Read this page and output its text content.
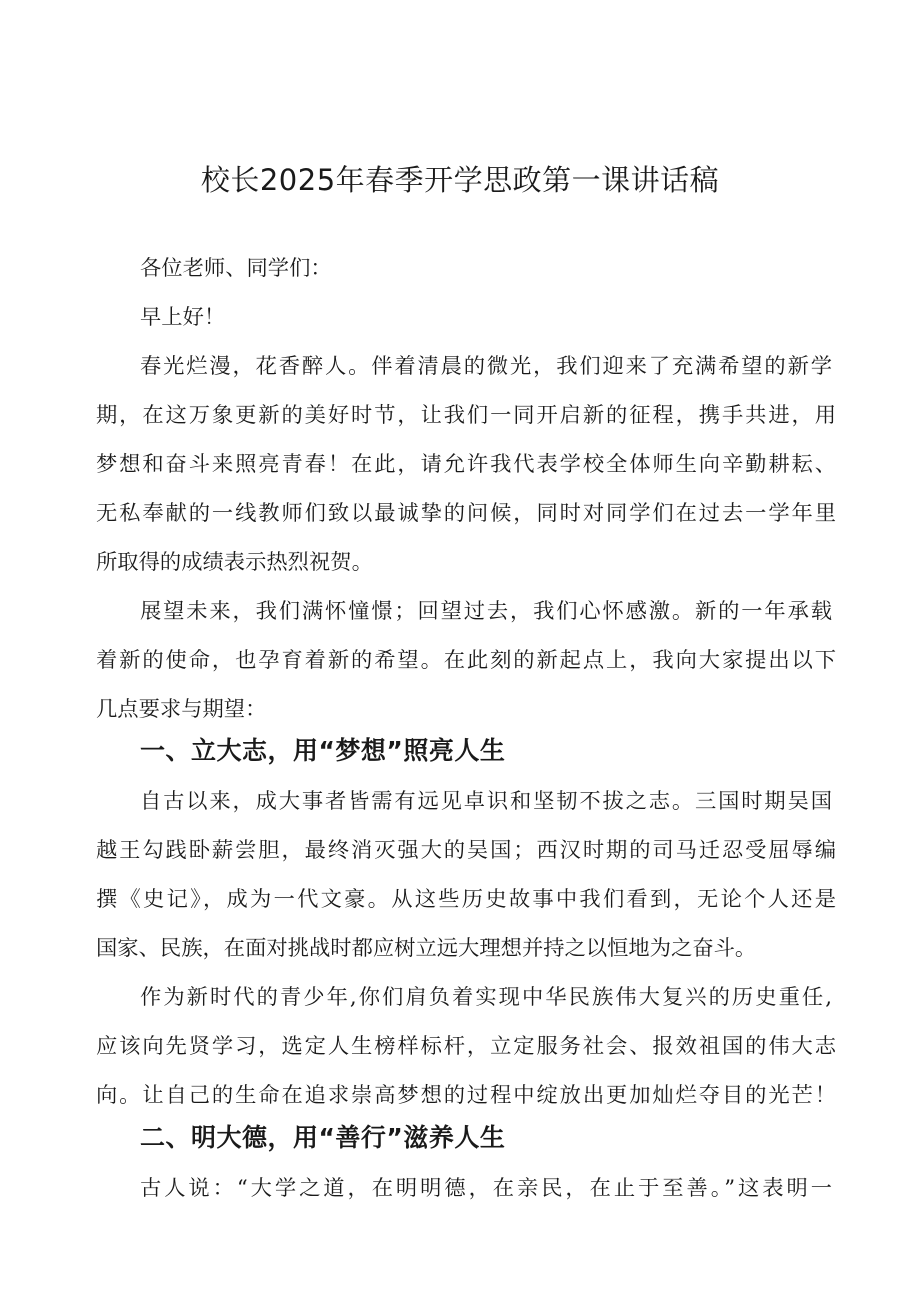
校长2025年春季开学思政第一课讲话稿

各位老师、同学们：

早上好！

春光烂漫，花香醉人。伴着清晨的微光，我们迎来了充满希望的新学

期，在这万象更新的美好时节，让我们一同开启新的征程，携手共进，用

梦想和奋斗来照亮青春！在此，请允许我代表学校全体师生向辛勤耕耘、

无私奉献的一线教师们致以最诚挚的问候，同时对同学们在过去一学年里

所取得的成绩表示热烈祝贺。

展望未来，我们满怀憧憬；回望过去，我们心怀感激。新的一年承载

着新的使命，也孕育着新的希望。在此刻的新起点上，我向大家提出以下

几点要求与期望：

一、立大志，用“梦想”照亮人生

自古以来，成大事者皆需有远见卓识和坚韧不拔之志。三国时期吴国

越王勾践卧薪尝胆，最终消灭强大的吴国；西汉时期的司马迁忍受屈辱编

撰《史记》，成为一代文豪。从这些历史故事中我们看到，无论个人还是

国家、民族，在面对挑战时都应树立远大理想并持之以恒地为之奋斗。

作为新时代的青少年,你们肩负着实现中华民族伟大复兴的历史重任,

应该向先贤学习，选定人生榜样标杆，立定服务社会、报效祖国的伟大志

向。让自己的生命在追求崇高梦想的过程中绽放出更加灿烂夺目的光芒！

二、明大德，用“善行”滋养人生

古人说：“大学之道，在明明德，在亲民，在止于至善。”这表明一
